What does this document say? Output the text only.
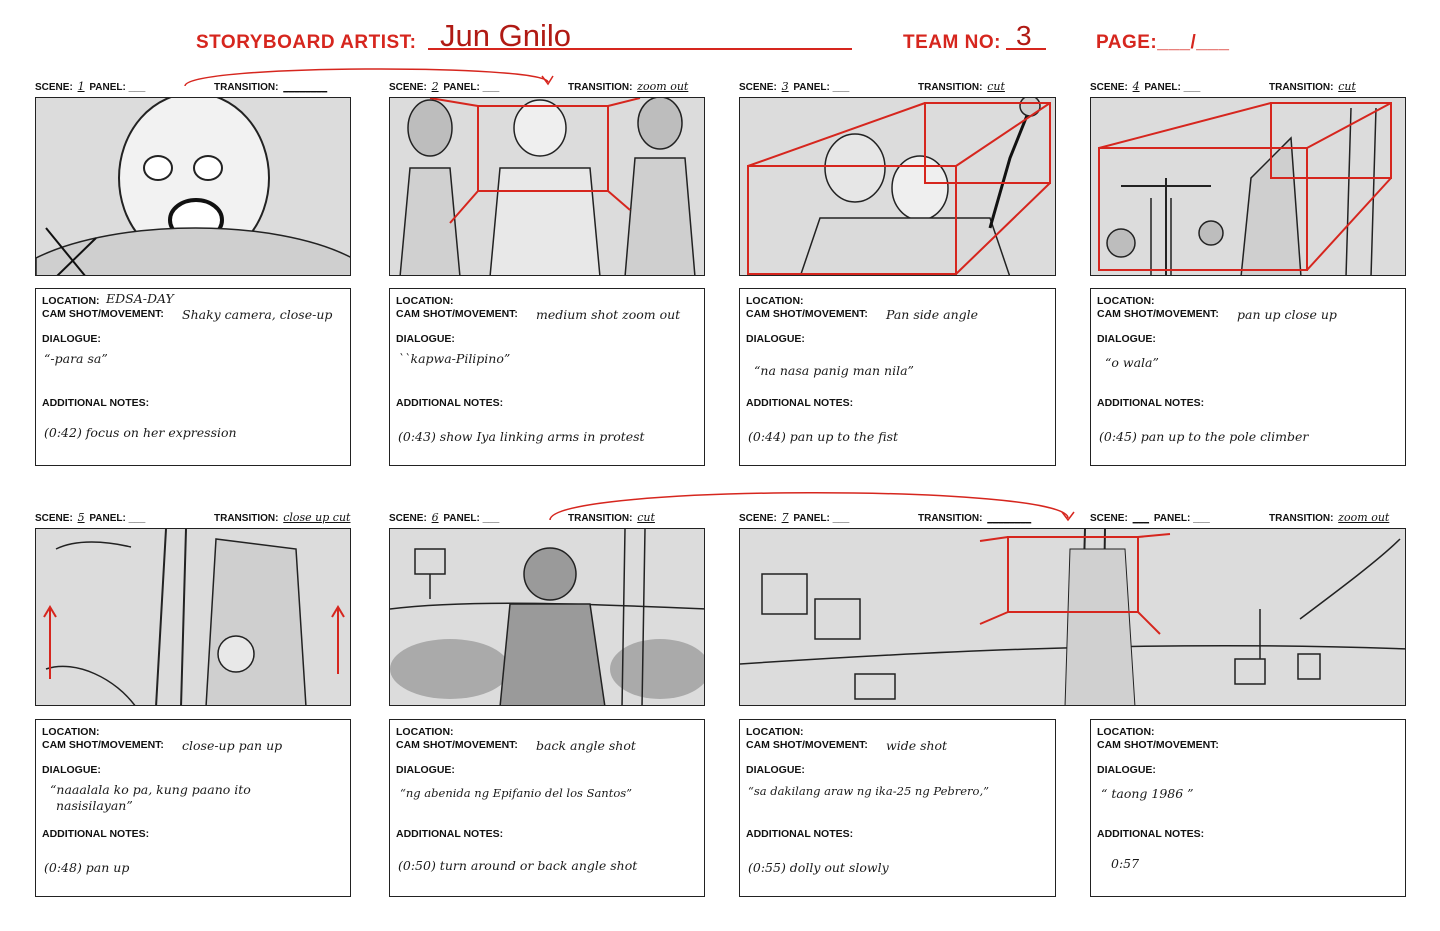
STORYBOARD ARTIST: Jun Gnilo	TEAM NO: 3	PAGE:___/___
SCENE: 1 PANEL: ___	TRANSITION: ________
LOCATION: EDSA-DAY
CAM SHOT/MOVEMENT: Shaky camera, close-up
DIALOGUE:
“-para sa”
ADDITIONAL NOTES:
(0:42) focus on her expression
SCENE: 2 PANEL: ___	TRANSITION: zoom out
LOCATION:
CAM SHOT/MOVEMENT: medium shot zoom out
DIALOGUE:
``kapwa-Pilipino”
ADDITIONAL NOTES:
(0:43) show Iya linking arms in protest
SCENE: 3 PANEL: ___	TRANSITION: cut
LOCATION:
CAM SHOT/MOVEMENT: Pan side angle
DIALOGUE:
“na nasa panig man nila”
ADDITIONAL NOTES:
(0:44) pan up to the fist
SCENE: 4 PANEL: ___	TRANSITION: cut
LOCATION:
CAM SHOT/MOVEMENT: pan up close up
DIALOGUE:
“o wala”
ADDITIONAL NOTES:
(0:45) pan up to the pole climber
SCENE: 5 PANEL: ___	TRANSITION: close up cut
LOCATION:
CAM SHOT/MOVEMENT: close-up pan up
DIALOGUE:
“naaalala ko pa, kung paano ito
nasisilayan”
ADDITIONAL NOTES:
(0:48) pan up
SCENE: 6 PANEL: ___	TRANSITION: cut
LOCATION:
CAM SHOT/MOVEMENT: back angle shot
DIALOGUE:
“ng abenida ng Epifanio del los Santos”
ADDITIONAL NOTES:
(0:50) turn around or back angle shot
SCENE: 7 PANEL: ___	TRANSITION: ________
LOCATION:
CAM SHOT/MOVEMENT: wide shot
DIALOGUE:
“sa dakilang araw ng ika-25 ng Pebrero,”
ADDITIONAL NOTES:
(0:55) dolly out slowly
SCENE: ___ PANEL: ___	TRANSITION: zoom out
LOCATION:
CAM SHOT/MOVEMENT:
DIALOGUE:
“ taong 1986 ”
ADDITIONAL NOTES:
0:57
